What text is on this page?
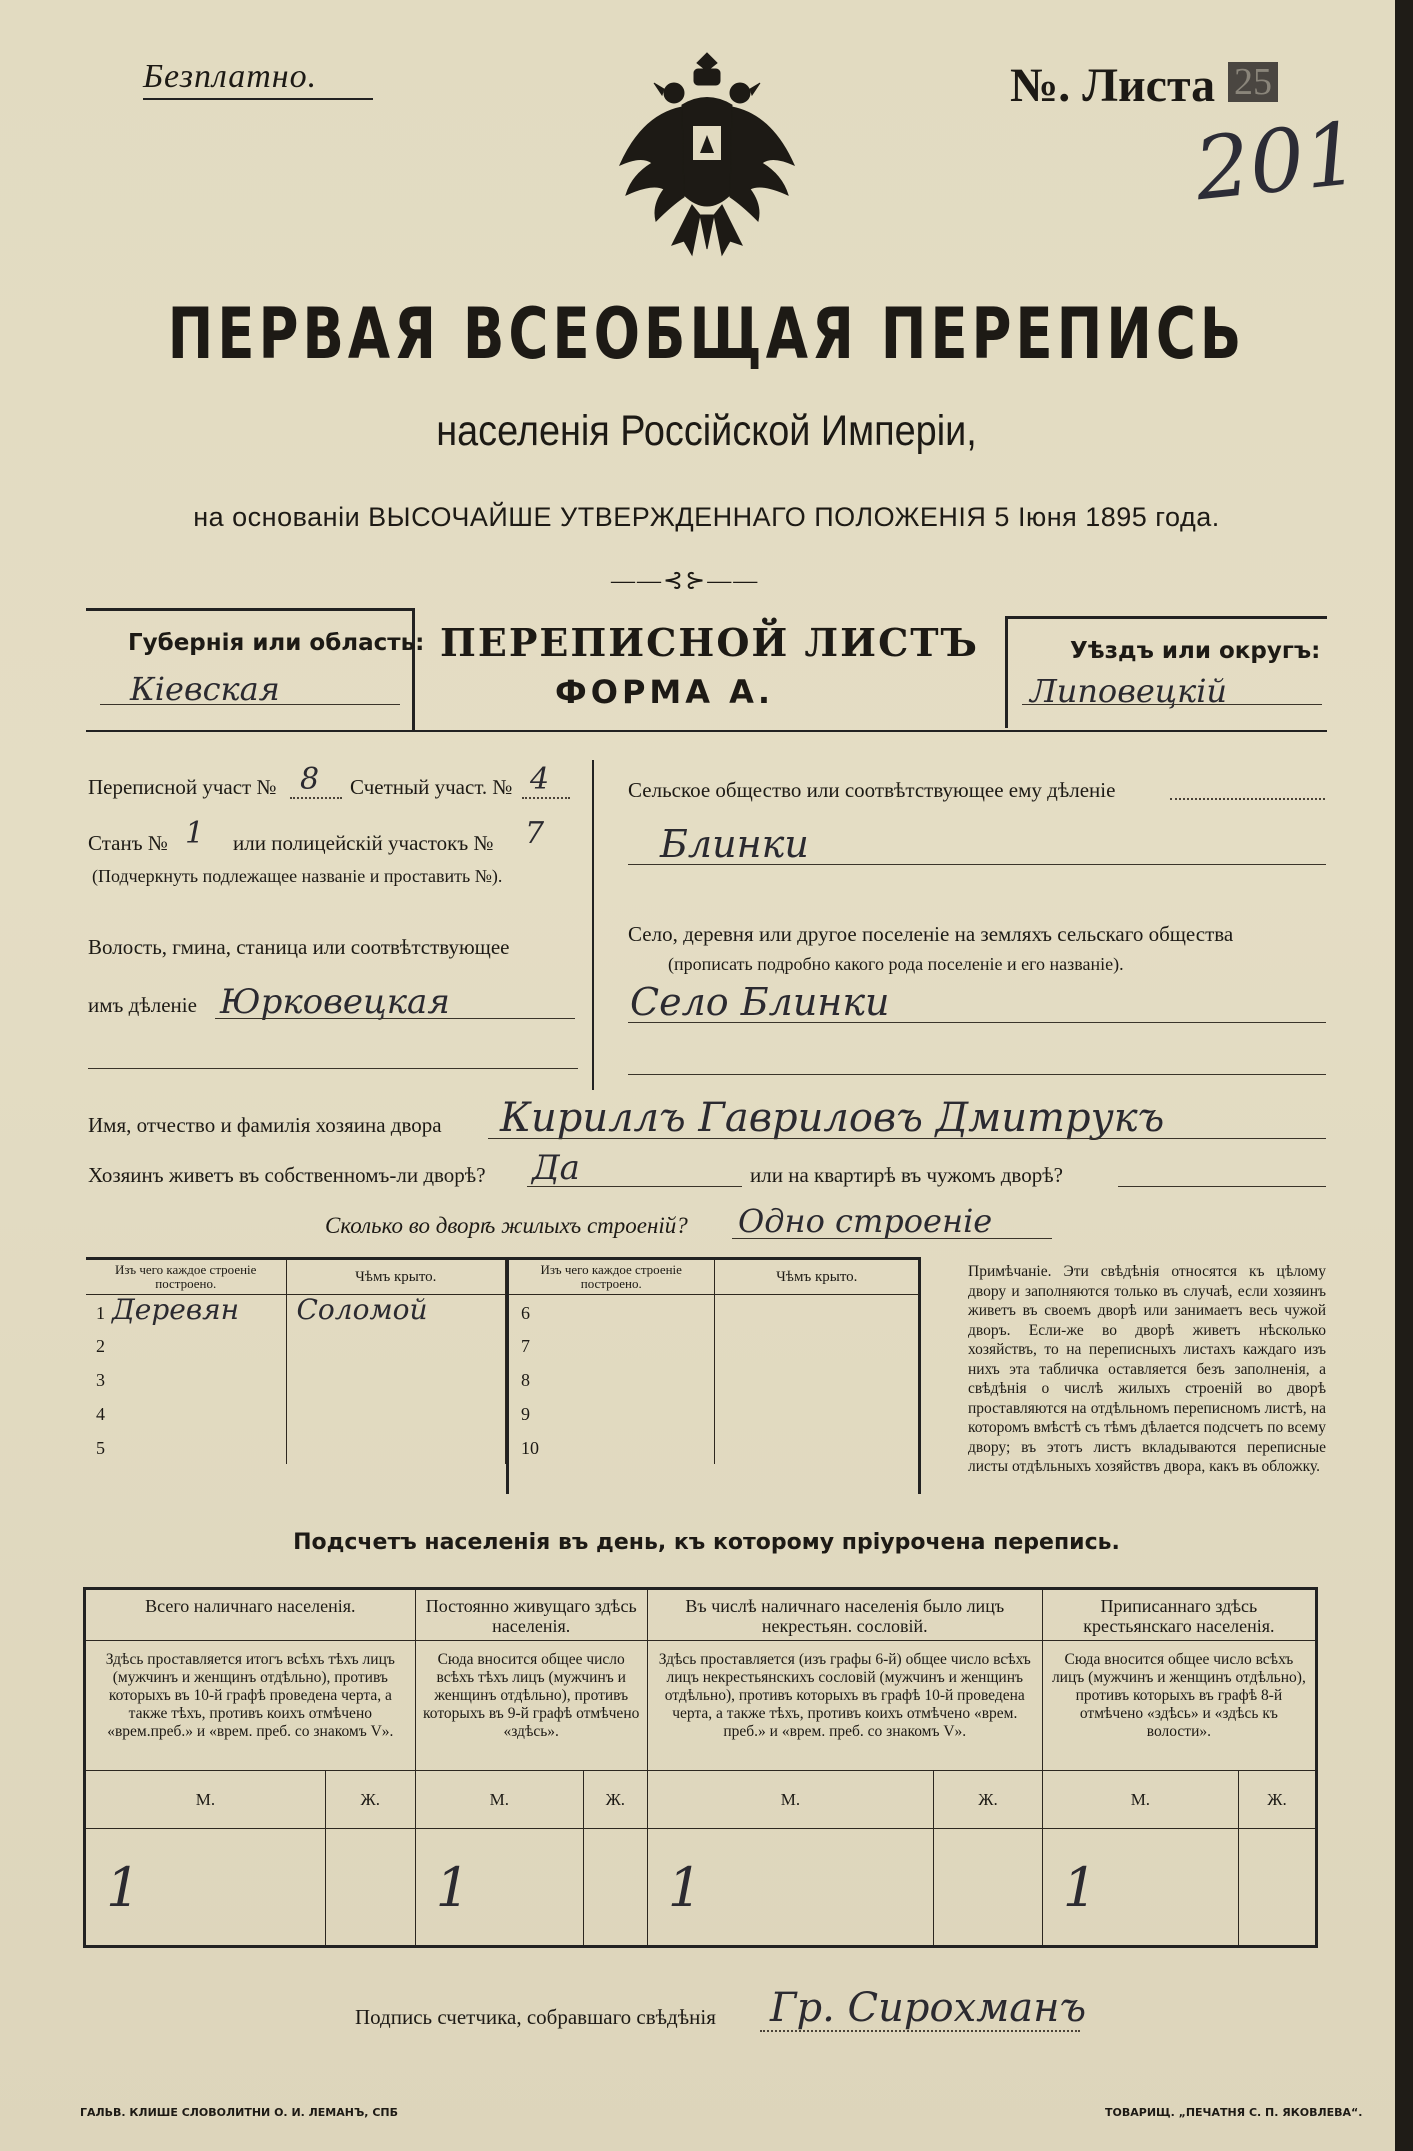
Безплатно.	№. Листа 25
201
ПЕРВАЯ ВСЕОБЩАЯ ПЕРЕПИСЬ
населенія Россійской Имперіи,
на основаніи ВЫСОЧАЙШЕ УТВЕРЖДЕННАГО ПОЛОЖЕНІЯ 5 Іюня 1895 года.
——⊰⊱——
Губернія или область:
Кіевская
ПЕРЕПИСНОЙ ЛИСТЪ
ФОРМА А.
Уѣздъ или округъ:
Липовецкій
Переписной участ № 8 Счетный участ. № 4
Станъ № 1 или полицейскій участокъ № 7
(Подчеркнуть подлежащее названіе и проставить №).
Волость, гмина, станица или соотвѣтствующее
имъ дѣленіе Юрковецкая
Сельское общество или соотвѣтствующее ему дѣленіе
Блинки
Село, деревня или другое поселеніе на земляхъ сельскаго общества
(прописать подробно какого рода поселеніе и его названіе).
Село Блинки
Имя, отчество и фамилія хозяина двора Кириллъ Гавриловъ Дмитрукъ
Хозяинъ живетъ въ собственномъ-ли дворѣ? Да	или на квартирѣ въ чужомъ дворѣ?
Сколько во дворѣ жилыхъ строеній? Одно строеніе
Изъ чего каждое строеніе построено.	Чѣмъ крыто.

1 Деревян	Соломой

2	

3	

4	

5	

Изъ чего каждое строеніе построено.	Чѣмъ крыто.

6	

7	

8	

9	

10	

Примѣчаніе. Эти свѣдѣнія относятся къ цѣлому двору и заполняются только въ случаѣ, если хозяинъ живетъ въ своемъ дворѣ или занимаетъ весь чужой дворъ. Если-же во дворѣ живетъ нѣсколько хозяйствъ, то на переписныхъ листахъ каждаго изъ нихъ эта табличка оставляется безъ заполненія, а свѣдѣнія о числѣ жилыхъ строеній во дворѣ проставляются на отдѣльномъ переписномъ листѣ, на которомъ вмѣстѣ съ тѣмъ дѣлается подсчетъ по всему двору; въ этотъ листъ вкладываются переписные листы отдѣльныхъ хозяйствъ двора, какъ въ обложку.

Подсчетъ населенія въ день, къ которому пріурочена перепись.
Всего наличнаго населенія.		Постоянно живущаго здѣсь населенія.		Въ числѣ наличнаго населенія было лицъ некрестьян. сословій.		Приписаннаго здѣсь крестьянскаго населенія.	
Здѣсь проставляется итогъ всѣхъ тѣхъ лицъ (мужчинъ и женщинъ отдѣльно), противъ которыхъ въ 10-й графѣ проведена черта, а также тѣхъ, противъ коихъ отмѣчено «врем.преб.» и «врем. преб. со знакомъ V».		Сюда вносится общее число всѣхъ тѣхъ лицъ (мужчинъ и женщинъ отдѣльно), противъ которыхъ въ 9-й графѣ отмѣчено «здѣсь».		Здѣсь проставляется (изъ графы 6-й) общее число всѣхъ лицъ некрестьянскихъ сословій (мужчинъ и женщинъ отдѣльно), противъ которыхъ въ графѣ 10-й проведена черта, а также тѣхъ, противъ коихъ отмѣчено «врем. преб.» и «врем. преб. со знакомъ V».		Сюда вносится общее число всѣхъ лицъ (мужчинъ и женщинъ отдѣльно), противъ которыхъ въ графѣ 8-й отмѣчено «здѣсь» и «здѣсь къ волости».	
М.	Ж.	М.	Ж.	М.	Ж.	М.	Ж.
1		1		1		1	
Подпись счетчика, собравшаго свѣдѣнія Гр. Сирохманъ
ГАЛЬВ. КЛИШЕ СЛОВОЛИТНИ О. И. ЛЕМАНЪ, СПБ	ТОВАРИЩ. „ПЕЧАТНЯ С. П. ЯКОВЛЕВА“.
